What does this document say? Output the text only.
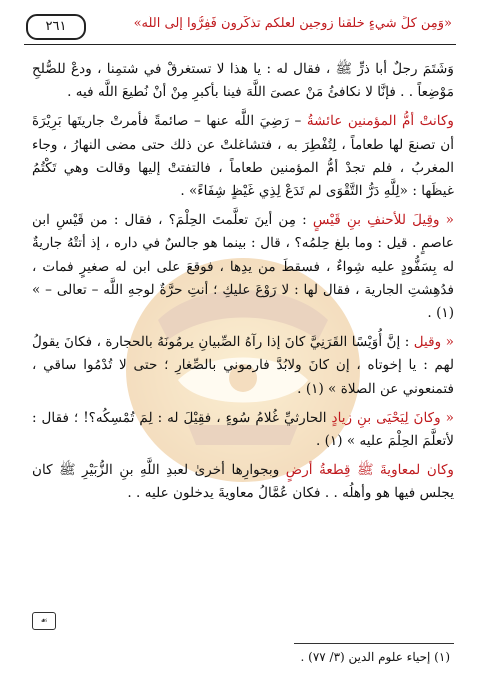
«وَمِن كلِّ شيءٍ خلقنا زوجين لعلكم تذكَّرون فَفِرُّوا إلى اللَّه»
٢٦١

وَشَتَمَ رجلٌ أبا ذرٍّ ﷺ ، فقال له : يا هذا لا تستغرقْ في شتمِنا ، ودعْ للصُّلحِ مَوْضِعاً . . فإنَّا لا نكافئُ مَنْ عصىَ اللَّهَ فينا بأكبرِ مِنْ أنْ نُطيعَ اللَّه فيه .

وكانتْ أمُّ المؤمنين عائشةُ – رَضِيَ اللَّه عنها – صائمةً فأمرتْ جاريتَها بَرِيْرَةَ أن تصنعَ لها طعاماً ، لِتُفْطِرَ به ، فتشاغلتْ عن ذلك حتى مضى النهارُ ، وجاء المغربُ ، فلم تجدْ أمُّ المؤمنين طعاماً ، فالتفتتْ إليها وقالت وهي تَكْتُمُ غيظَها : «لِلَّهِ دَرُّ التَّقْوَى لم تَدَعْ لِذِي غَيْظٍ شِفَاءً» .

« وقِيلَ للأحنفِ بنِ قَيْسٍ : مِن أينَ تعلَّمتَ الحِلْمَ؟ ، فقال : من قَيْسِ ابن عاصمٍ . قيل : وما بلغ حِلمُه؟ ، قال : بينما هو جالسٌ في داره ، إذ أتتْهُ جاريةٌ له بِسَفُّودٍ عليه شِواءٌ ، فسقطَ من يدِها ، فوقعَ على ابن له صغيرٍ فمات ، فدُهِشتِ الجارية ، فقال لها : لا رَوْعَ عليكِ ؛ أنتِ حرَّةٌ لوجهِ اللَّه – تعالى – » (١) .

« وقيل : إنَّ أُوَيْسًا القَرَنِيَّ كانَ إذا رآهُ الصِّبيانِ يرمُونَهُ بالحجارة ، فكانَ يقولُ لهم : يا إخوتاه ، إن كانَ ولابُدَّ فارموني بالصِّغارِ ؛ حتى لا تُدْمُوا ساقي ، فتمنعوني عن الصلاة » (١) .

« وكانَ لِيَحْيَى بنِ زيادٍ الحارثيِّ غُلامُ سُوءٍ ، فقِيْلَ له : لِمَ تُمْسِكُه؟! ؛ فقال : لأتعلَّمَ الحِلْمَ عليه » (١) .

وكان لمعاويةَ ﷺ قِطعةُ أرضٍ وبجوارِها أخرىٰ لعبدِ اللَّهِ بنِ الزُّبَيْرِ ﷺ كان يجلس فيها هو وأهلُه . . فكان عُمَّالُ معاويةَ يدخلون عليه . .

☙
(١) إحياء علوم الدين (٣/ ٧٧) .
